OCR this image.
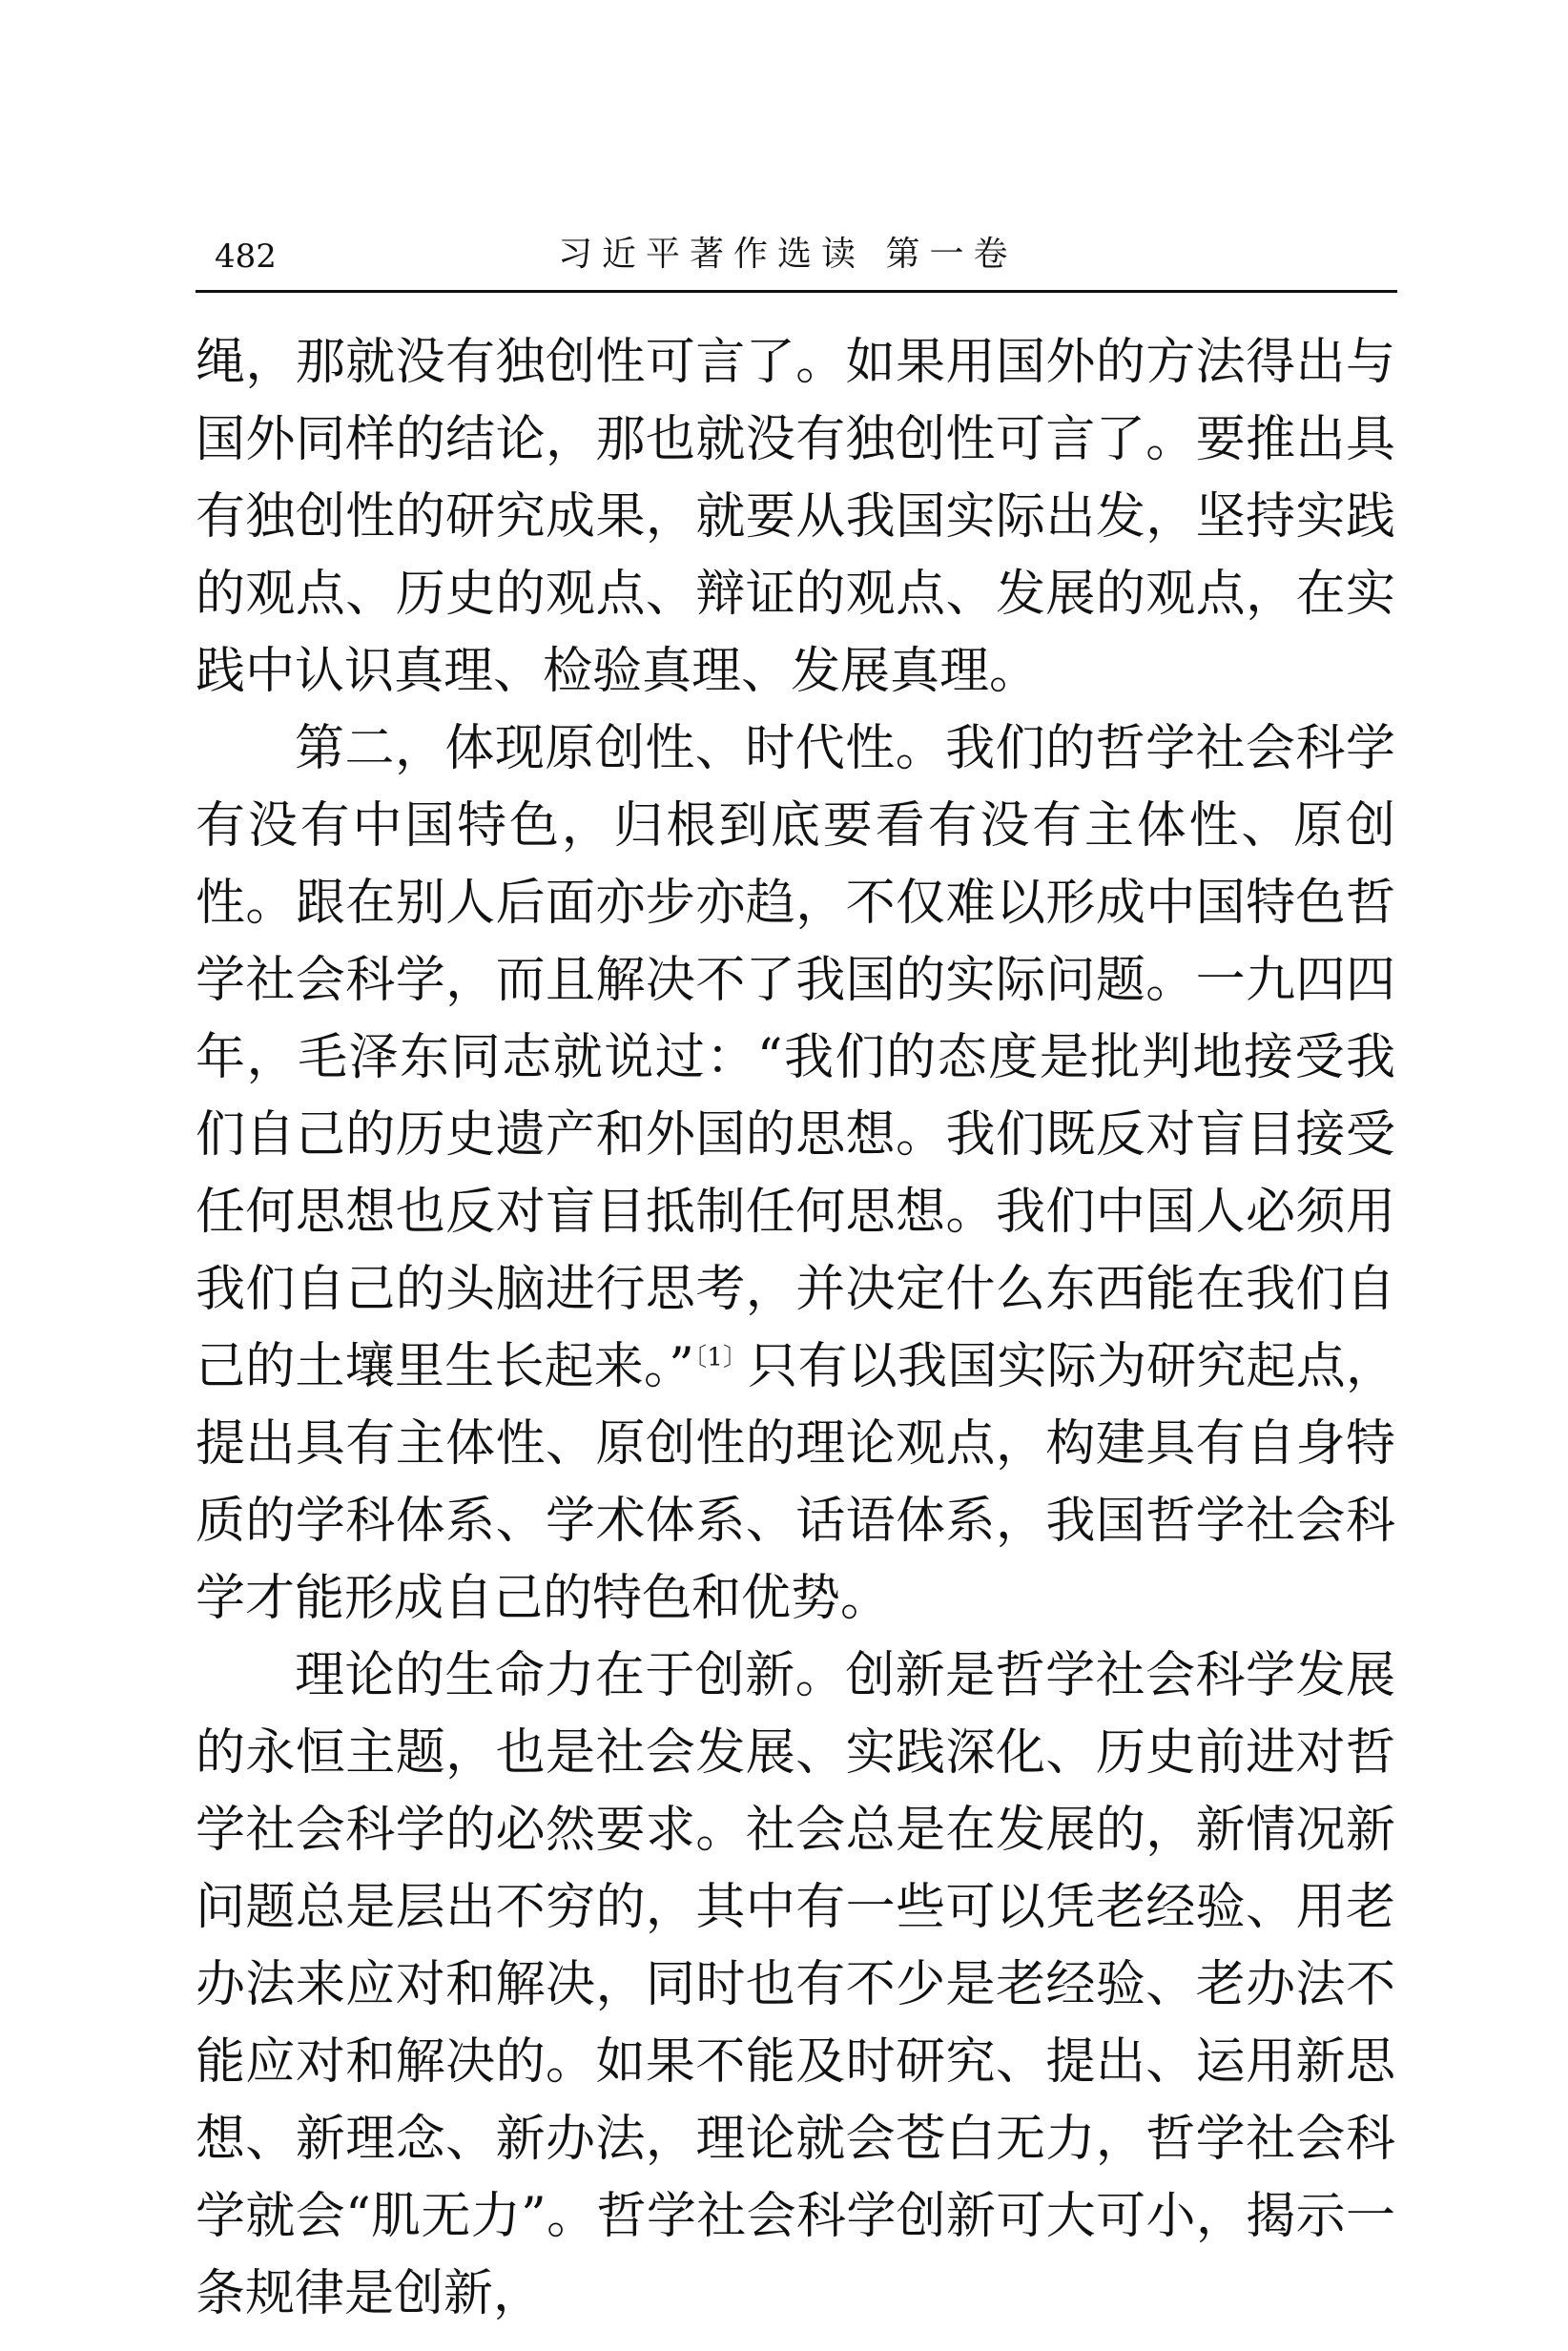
482	习近平著作选读 第一卷

绳，那就没有独创性可言了。如果用国外的方法得出与国外同样的结论，那也就没有独创性可言了。要推出具有独创性的研究成果，就要从我国实际出发，坚持实践的观点、历史的观点、辩证的观点、发展的观点，在实践中认识真理、检验真理、发展真理。

第二，体现原创性、时代性。我们的哲学社会科学有没有中国特色，归根到底要看有没有主体性、原创性。跟在别人后面亦步亦趋，不仅难以形成中国特色哲学社会科学，而且解决不了我国的实际问题。一九四四年，毛泽东同志就说过：“我们的态度是批判地接受我们自己的历史遗产和外国的思想。我们既反对盲目接受任何思想也反对盲目抵制任何思想。我们中国人必须用我们自己的头脑进行思考，并决定什么东西能在我们自己的土壤里生长起来。”$^{〔1〕}$只有以我国实际为研究起点，提出具有主体性、原创性的理论观点，构建具有自身特质的学科体系、学术体系、话语体系，我国哲学社会科学才能形成自己的特色和优势。

理论的生命力在于创新。创新是哲学社会科学发展的永恒主题，也是社会发展、实践深化、历史前进对哲学社会科学的必然要求。社会总是在发展的，新情况新问题总是层出不穷的，其中有一些可以凭老经验、用老办法来应对和解决，同时也有不少是老经验、老办法不能应对和解决的。如果不能及时研究、提出、运用新思想、新理念、新办法，理论就会苍白无力，哲学社会科学就会“肌无力”。哲学社会科学创新可大可小，揭示一条规律是创新，
